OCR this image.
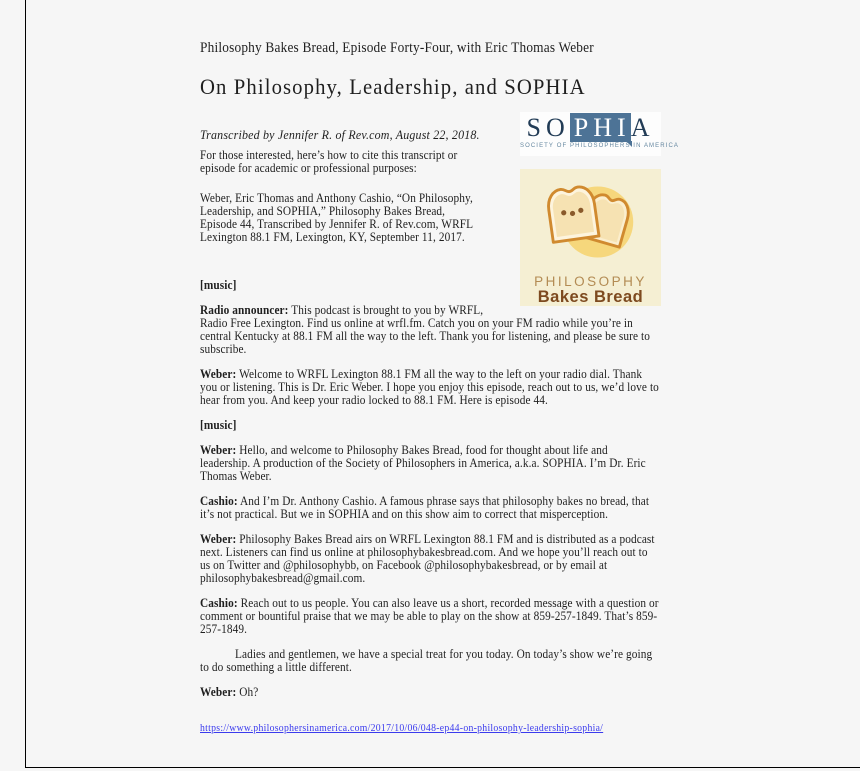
SO PHI
A
SOCIETY OF PHILOSOPHERS IN AMERICA
PHILOSOPHY
Bakes Bread

Philosophy Bakes Bread, Episode Forty-Four, with Eric Thomas Weber

On Philosophy, Leadership, and SOPHIA

Transcribed by Jennifer R. of Rev.com, August 22, 2018.

For those interested, here’s how to cite this transcript or
episode for academic or professional purposes:

Weber, Eric Thomas and Anthony Cashio, “On Philosophy,
Leadership, and SOPHIA,” Philosophy Bakes Bread,
Episode 44, Transcribed by Jennifer R. of Rev.com, WRFL
Lexington 88.1 FM, Lexington, KY, September 11, 2017.

[music]

Radio announcer: This podcast is brought to you by WRFL,
Radio Free Lexington. Find us online at wrfl.fm. Catch you on your FM radio while you’re in central Kentucky at 88.1 FM all the way to the left. Thank you for listening, and please be sure to subscribe.

Weber: Welcome to WRFL Lexington 88.1 FM all the way to the left on your radio dial. Thank you or listening. This is Dr. Eric Weber. I hope you enjoy this episode, reach out to us, we’d love to hear from you. And keep your radio locked to 88.1 FM. Here is episode 44.

[music]

Weber: Hello, and welcome to Philosophy Bakes Bread, food for thought about life and leadership. A production of the Society of Philosophers in America, a.k.a. SOPHIA. I’m Dr. Eric Thomas Weber.

Cashio: And I’m Dr. Anthony Cashio. A famous phrase says that philosophy bakes no bread, that it’s not practical. But we in SOPHIA and on this show aim to correct that misperception.

Weber: Philosophy Bakes Bread airs on WRFL Lexington 88.1 FM and is distributed as a podcast next. Listeners can find us online at philosophybakesbread.com. And we hope you’ll reach out to us on Twitter and @philosophybb, on Facebook @philosophybakesbread, or by email at philosophybakesbread@gmail.com.

Cashio: Reach out to us people. You can also leave us a short, recorded message with a question or comment or bountiful praise that we may be able to play on the show at 859-257-1849. That’s 859-257-1849.

Ladies and gentlemen, we have a special treat for you today. On today’s show we’re going to do something a little different.

Weber: Oh?

https://www.philosophersinamerica.com/2017/10/06/048-ep44-on-philosophy-leadership-sophia/
